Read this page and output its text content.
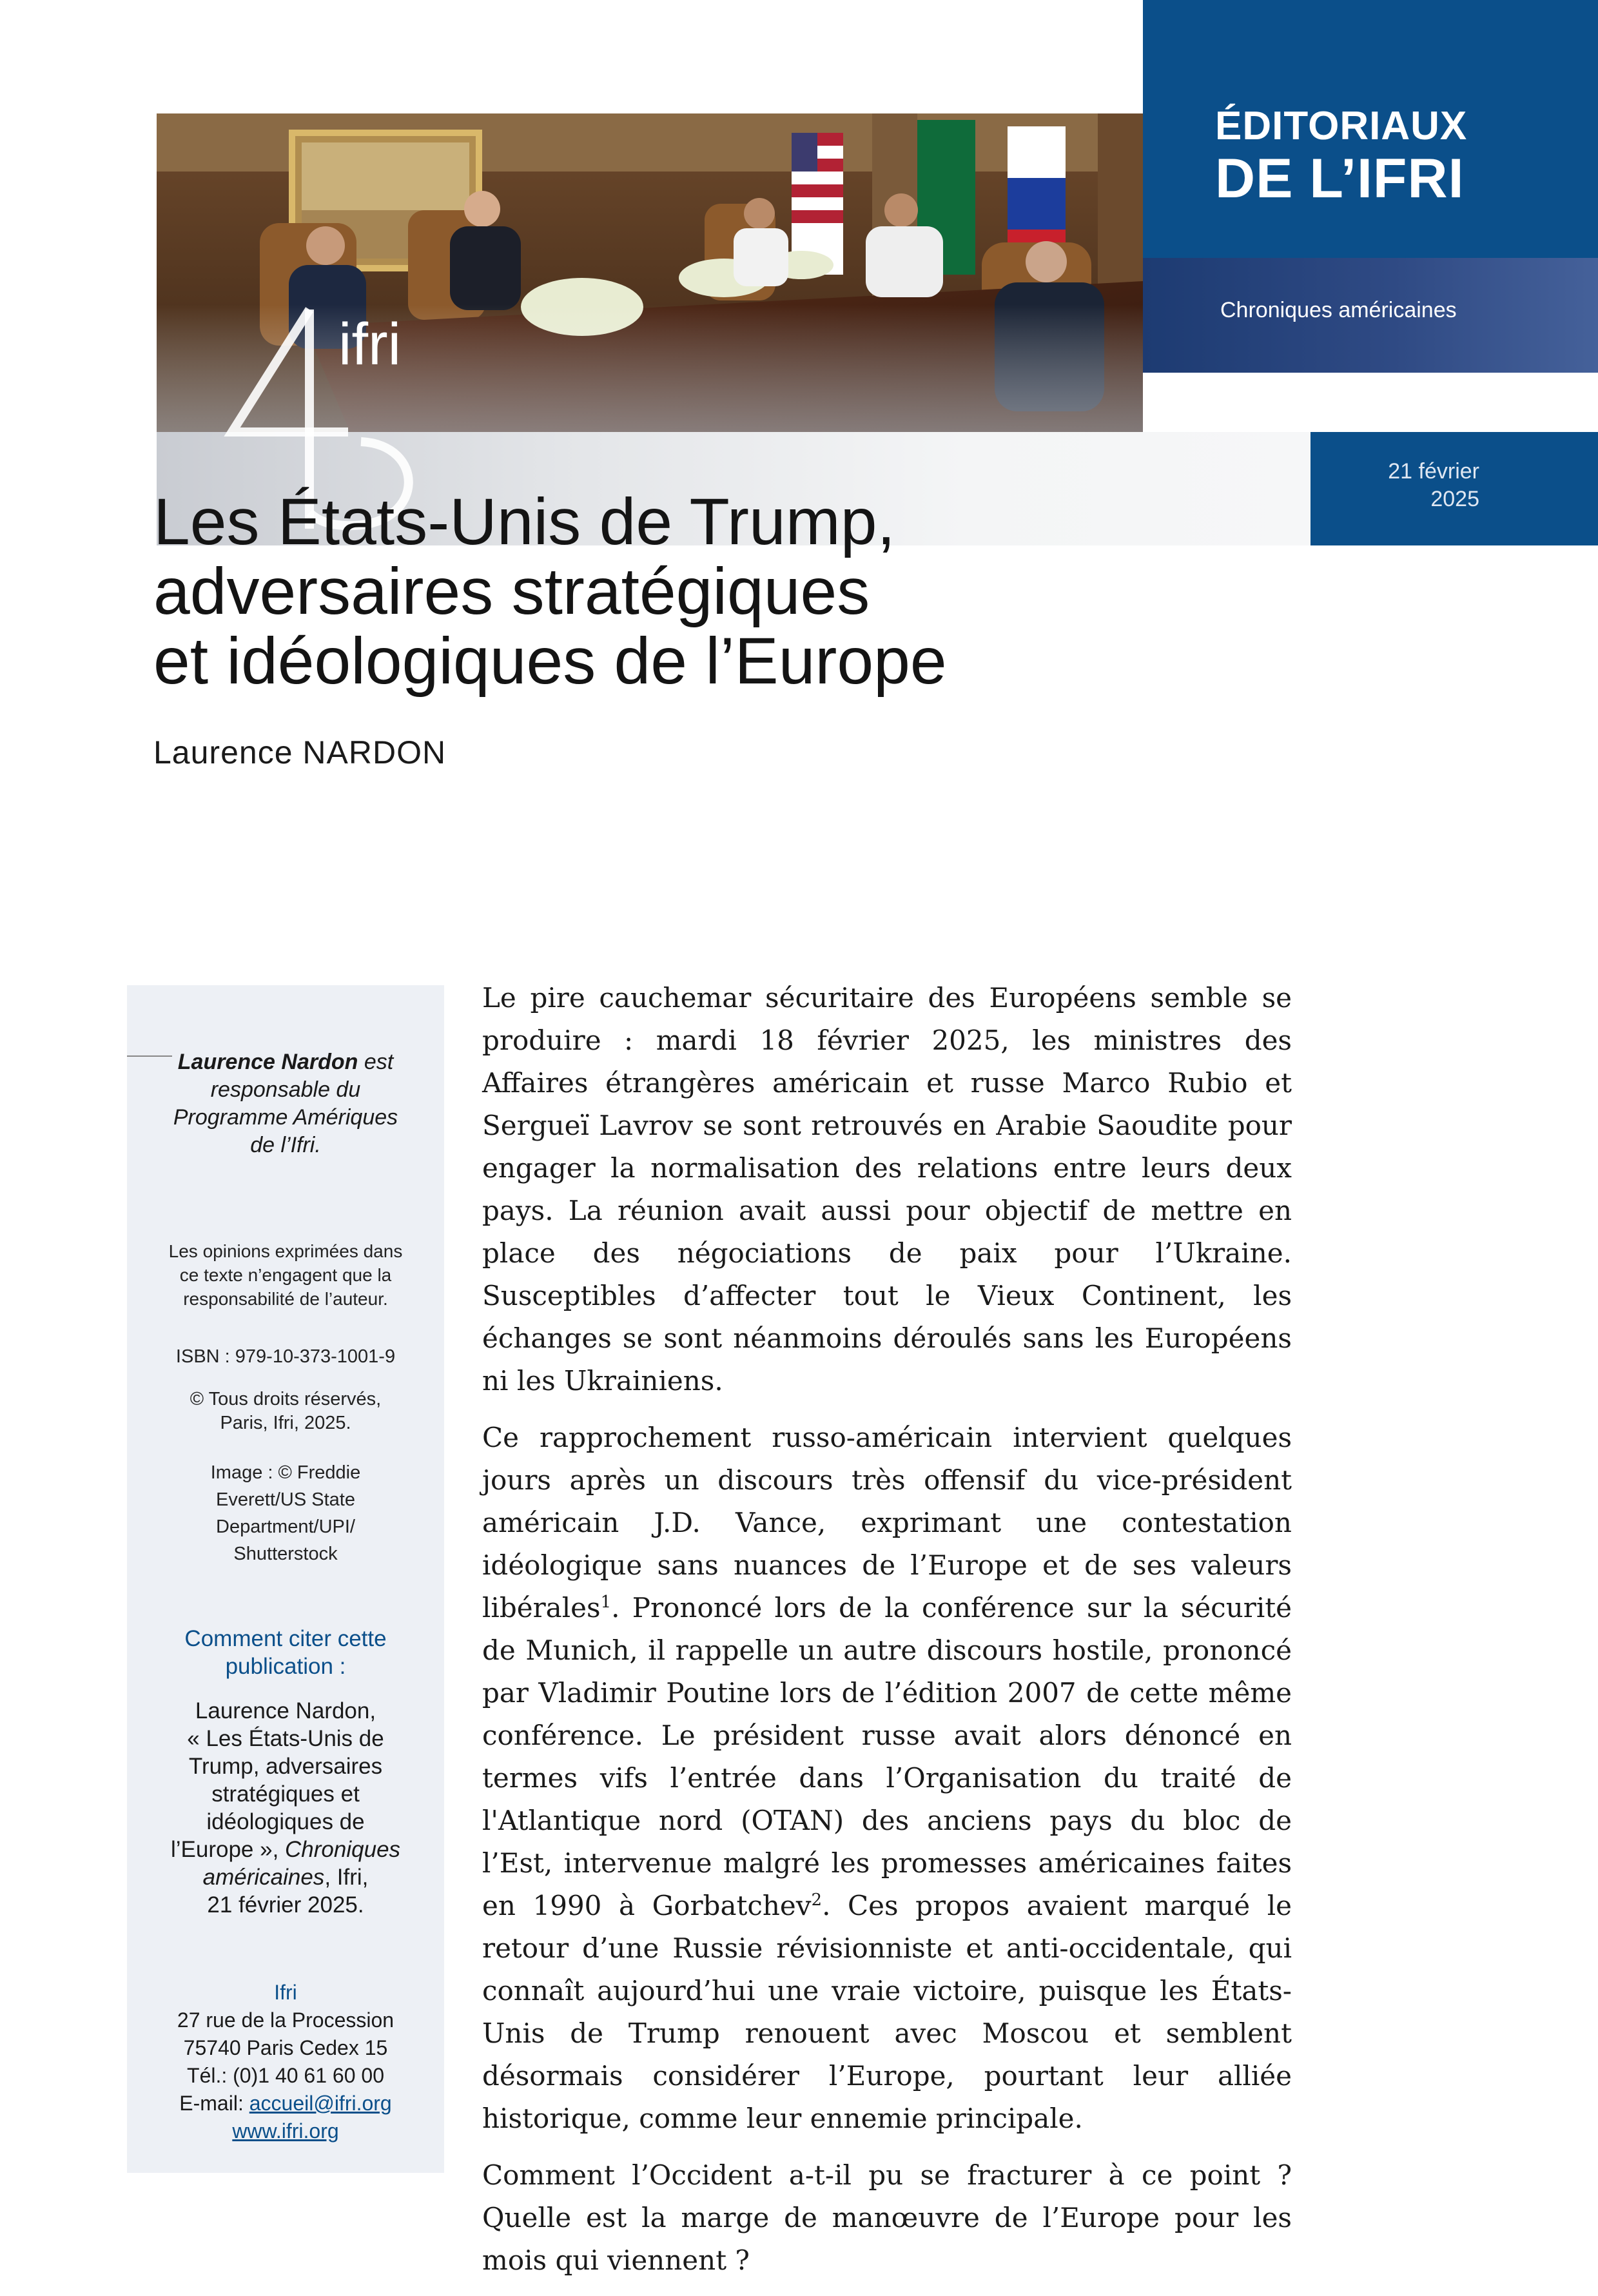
ifri
ÉDITORIAUX
DE L’IFRI
Chroniques américaines
21 février
2025
Les États-Unis de Trump,
adversaires stratégiques
et idéologiques de l’Europe
Laurence NARDON

Laurence Nardon est

responsable du

Programme Amériques

de l’Ifri.

Les opinions exprimées dans

ce texte n’engagent que la

responsabilité de l’auteur.

ISBN : 979-10-373-1001-9

© Tous droits réservés,

Paris, Ifri, 2025.

Image : © Freddie

Everett/US State

Department/UPI/

Shutterstock

Comment citer cette

publication :

Laurence Nardon,

« Les États-Unis de

Trump, adversaires

stratégiques et

idéologiques de

l’Europe », Chroniques

américaines, Ifri,

21 février 2025.

Ifri

27 rue de la Procession

75740 Paris Cedex 15

Tél.: (0)1 40 61 60 00

E-mail: accueil@ifri.org

www.ifri.org

Le pire cauchemar sécuritaire des Européens semble se produire : mardi 18 février 2025, les ministres des Affaires étrangères américain et russe Marco Rubio et Sergueï Lavrov se sont retrouvés en Arabie Saoudite pour engager la normalisation des relations entre leurs deux pays. La réunion avait aussi pour objectif de mettre en place des négociations de paix pour l’Ukraine. Susceptibles d’affecter tout le Vieux Continent, les échanges se sont néanmoins déroulés sans les Européens ni les Ukrainiens.

Ce rapprochement russo-américain intervient quelques jours après un discours très offensif du vice-président américain J.D. Vance, exprimant une contestation idéologique sans nuances de l’Europe et de ses valeurs libérales$^1$. Prononcé lors de la conférence sur la sécurité de Munich, il rappelle un autre discours hostile, prononcé par Vladimir Poutine lors de l’édition 2007 de cette même conférence. Le président russe avait alors dénoncé en termes vifs l’entrée dans l’Organisation du traité de l'Atlantique nord (OTAN) des anciens pays du bloc de l’Est, intervenue malgré les promesses américaines faites en 1990 à Gorbatchev$^2$. Ces propos avaient marqué le retour d’une Russie révisionniste et anti-occidentale, qui connaît aujourd’hui une vraie victoire, puisque les États-Unis de Trump renouent avec Moscou et semblent désormais considérer l’Europe, pourtant leur alliée historique, comme leur ennemie principale.

Comment l’Occident a-t-il pu se fracturer à ce point ? Quelle est la marge de manœuvre de l’Europe pour les mois qui viennent ?
